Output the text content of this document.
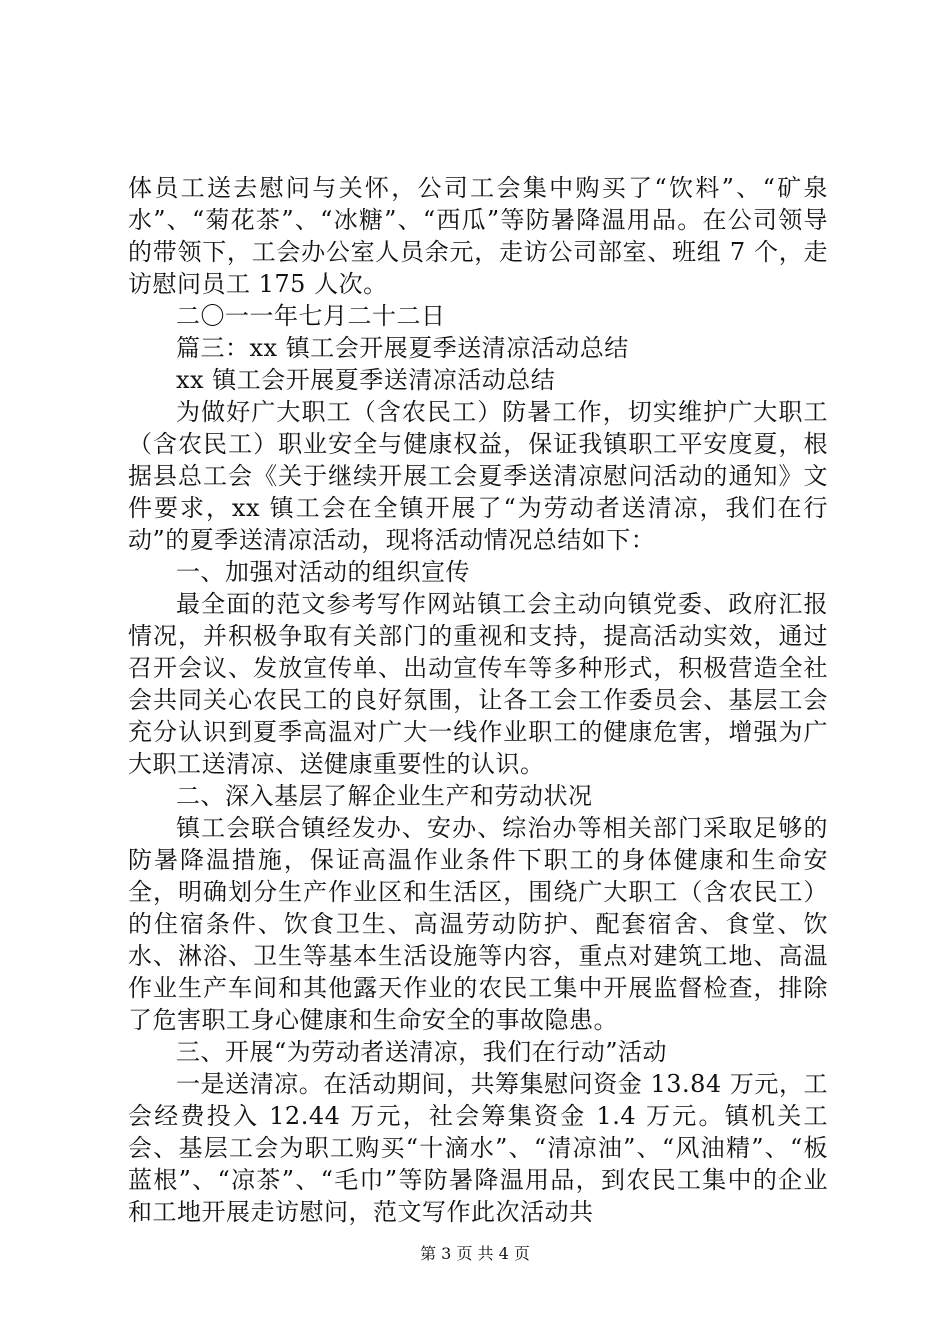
体员工送去慰问与关怀，公司工会集中购买了“饮料”、“矿泉水”、“菊花茶”、“冰糖”、“西瓜”等防暑降温用品。在公司领导的带领下，工会办公室人员余元，走访公司部室、班组 7 个，走访慰问员工 175 人次。

二〇一一年七月二十二日

篇三：xx 镇工会开展夏季送清凉活动总结

xx 镇工会开展夏季送清凉活动总结

为做好广大职工（含农民工）防暑工作，切实维护广大职工（含农民工）职业安全与健康权益，保证我镇职工平安度夏，根据县总工会《关于继续开展工会夏季送清凉慰问活动的通知》文件要求，xx 镇工会在全镇开展了“为劳动者送清凉，我们在行动”的夏季送清凉活动，现将活动情况总结如下：

一、加强对活动的组织宣传

最全面的范文参考写作网站镇工会主动向镇党委、政府汇报情况，并积极争取有关部门的重视和支持，提高活动实效，通过召开会议、发放宣传单、出动宣传车等多种形式，积极营造全社会共同关心农民工的良好氛围，让各工会工作委员会、基层工会充分认识到夏季高温对广大一线作业职工的健康危害，增强为广大职工送清凉、送健康重要性的认识。

二、深入基层了解企业生产和劳动状况

镇工会联合镇经发办、安办、综治办等相关部门采取足够的防暑降温措施，保证高温作业条件下职工的身体健康和生命安全，明确划分生产作业区和生活区，围绕广大职工（含农民工）的住宿条件、饮食卫生、高温劳动防护、配套宿舍、食堂、饮水、淋浴、卫生等基本生活设施等内容，重点对建筑工地、高温作业生产车间和其他露天作业的农民工集中开展监督检查，排除了危害职工身心健康和生命安全的事故隐患。

三、开展“为劳动者送清凉，我们在行动”活动

一是送清凉。在活动期间，共筹集慰问资金 13.84 万元，工会经费投入 12.44 万元，社会筹集资金 1.4 万元。镇机关工会、基层工会为职工购买“十滴水”、“清凉油”、“风油精”、“板蓝根”、“凉茶”、“毛巾”等防暑降温用品，到农民工集中的企业和工地开展走访慰问，范文写作此次活动共

第 3 页 共 4 页
